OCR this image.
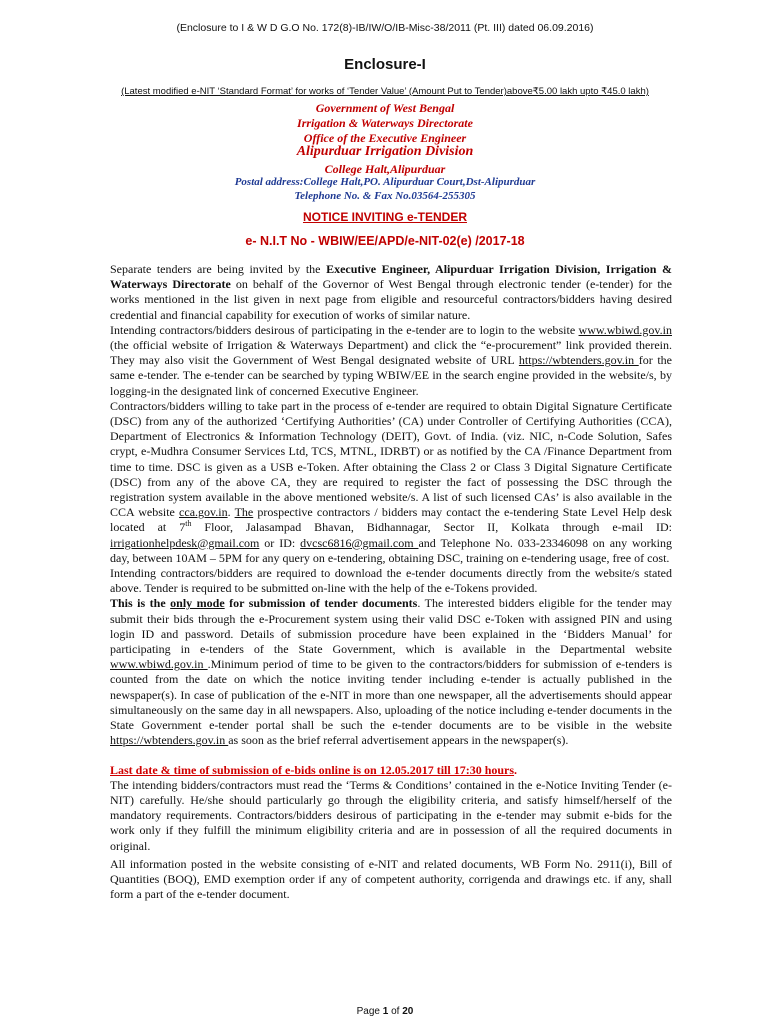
(Enclosure to I & W D G.O No. 172(8)-IB/IW/O/IB-Misc-38/2011 (Pt. III) dated 06.09.2016)
Enclosure-I
(Latest modified e-NIT ‘Standard Format’ for works of ‘Tender Value’ (Amount Put to Tender)above₹5.00 lakh upto ₹45.0 lakh)
Government of West Bengal
Irrigation & Waterways Directorate
Office of the Executive Engineer
Alipurduar Irrigation Division
College Halt,Alipurduar
Postal address:College Halt,PO. Alipurduar Court,Dst-Alipurduar
Telephone No. & Fax No.03564-255305
NOTICE INVITING e-TENDER
e- N.I.T No - WBIW/EE/APD/e-NIT-02(e) /2017-18

Separate tenders are being invited by the Executive Engineer, Alipurduar Irrigation Division, Irrigation & Waterways Directorate on behalf of the Governor of West Bengal through electronic tender (e-tender) for the works mentioned in the list given in next page from eligible and resourceful contractors/bidders having desired credential and financial capability for execution of works of similar nature.

Intending contractors/bidders desirous of participating in the e-tender are to login to the website www.wbiwd.gov.in (the official website of Irrigation & Waterways Department) and click the “e-procurement” link provided therein. They may also visit the Government of West Bengal designated website of URL https://wbtenders.gov.in for the same e-tender. The e-tender can be searched by typing WBIW/EE in the search engine provided in the website/s, by logging-in the designated link of concerned Executive Engineer.

Contractors/bidders willing to take part in the process of e-tender are required to obtain Digital Signature Certificate (DSC) from any of the authorized ‘Certifying Authorities’ (CA) under Controller of Certifying Authorities (CCA), Department of Electronics & Information Technology (DEIT), Govt. of India. (viz. NIC, n-Code Solution, Safes crypt, e-Mudhra Consumer Services Ltd, TCS, MTNL, IDRBT) or as notified by the CA /Finance Department from time to time. DSC is given as a USB e-Token. After obtaining the Class 2 or Class 3 Digital Signature Certificate (DSC) from any of the above CA, they are required to register the fact of possessing the DSC through the registration system available in the above mentioned website/s. A list of such licensed CAs’ is also available in the CCA website cca.gov.in. The prospective contractors / bidders may contact the e-tendering State Level Help desk located at 7th Floor, Jalasampad Bhavan, Bidhannagar, Sector II, Kolkata through e-mail ID: irrigationhelpdesk@gmail.com or ID: dvcsc6816@gmail.com and Telephone No. 033-23346098 on any working day, between 10AM – 5PM for any query on e-tendering, obtaining DSC, training on e-tendering usage, free of cost.

Intending contractors/bidders are required to download the e-tender documents directly from the website/s stated above. Tender is required to be submitted on-line with the help of the e-Tokens provided.

This is the only mode for submission of tender documents. The interested bidders eligible for the tender may submit their bids through the e-Procurement system using their valid DSC e-Token with assigned PIN and using login ID and password. Details of submission procedure have been explained in the ‘Bidders Manual’ for participating in e-tenders of the State Government, which is available in the Departmental website www.wbiwd.gov.in .Minimum period of time to be given to the contractors/bidders for submission of e-tenders is counted from the date on which the notice inviting tender including e-tender is actually published in the newspaper(s). In case of publication of the e-NIT in more than one newspaper, all the advertisements should appear simultaneously on the same day in all newspapers. Also, uploading of the notice including e-tender documents in the State Government e-tender portal shall be such the e-tender documents are to be visible in the website https://wbtenders.gov.in as soon as the brief referral advertisement appears in the newspaper(s).

Last date & time of submission of e-bids online is on 12.05.2017 till 17:30 hours.
The intending bidders/contractors must read the ‘Terms & Conditions’ contained in the e-Notice Inviting Tender (e-NIT) carefully. He/she should particularly go through the eligibility criteria, and satisfy himself/herself of the mandatory requirements. Contractors/bidders desirous of participating in the e-tender may submit e-bids for the work only if they fulfill the minimum eligibility criteria and are in possession of all the required documents in original.

All information posted in the website consisting of e-NIT and related documents, WB Form No. 2911(i), Bill of Quantities (BOQ), EMD exemption order if any of competent authority, corrigenda and drawings etc. if any, shall form a part of the e-tender document.

Page 1 of 20
